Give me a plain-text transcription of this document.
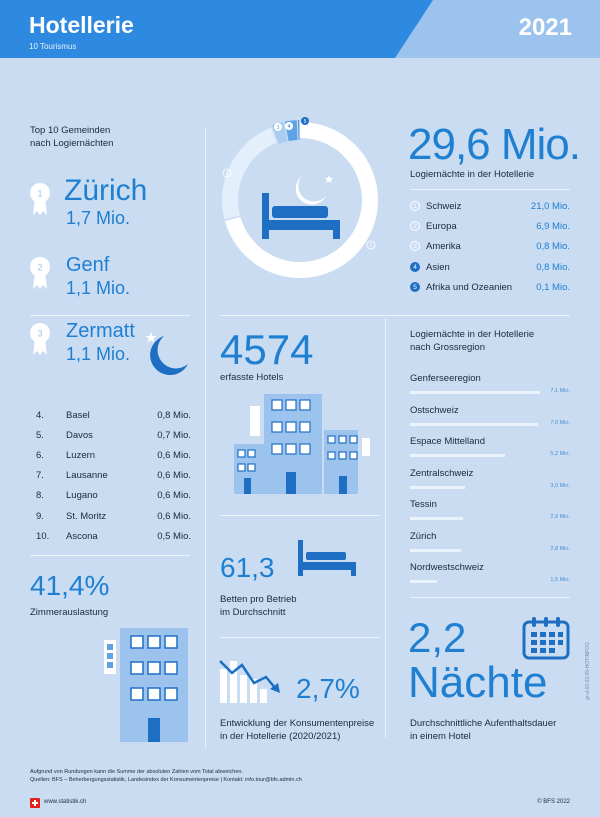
Hotellerie
10 Tourismus
2021
Top 10 Gemeinden
nach Logiernächten
1
2
3
Zürich
1,7 Mio.
Genf
1,1 Mio.
Zermatt
1,1 Mio.
4.	Basel	0,8 Mio.
5.	Davos	0,7 Mio.
6.	Luzern	0,6 Mio.
7.	Lausanne	0,6 Mio.
8.	Lugano	0,6 Mio.
9.	St. Moritz	0,6 Mio.
10.	Ascona	0,5 Mio.
41,4%
Zimmerauslastung
3 4
5
2
1
29,6 Mio.
Logiernächte in der Hotellerie
1 Schweiz	21,0 Mio.
2 Europa	6,9 Mio.
3 Amerika	0,8 Mio.
4 Asien	0,8 Mio.
5 Afrika und Ozeanien	0,1 Mio.
4574
erfasste Hotels
61,3
Betten pro Betrieb
im Durchschnitt
2,7%
Entwicklung der Konsumentenpreise
in der Hotellerie (2020/2021)
Logiernächte in der Hotellerie
nach Grossregion
Genferseeregion
7,1 Mio.
Ostschweiz
7,0 Mio.
Espace Mittelland
5,2 Mio.
Zentralschweiz
3,0 Mio.
Tessin
2,9 Mio.
Zürich
2,8 Mio.
Nordwestschweiz
1,5 Mio.
2,2
Nächte
Durchschnittliche Aufenthaltsdauer
in einem Hotel
gr-d-10.03.05-HOTINFOG
Aufgrund von Rundungen kann die Summe der absoluten Zahlen vom Total abweichen.
Quellen: BFS – Beherbergungsstatistik, Landesindex der Konsumentenpreise | Kontakt: info.tour@bfs.admin.ch
www.statistik.ch	© BFS 2022
